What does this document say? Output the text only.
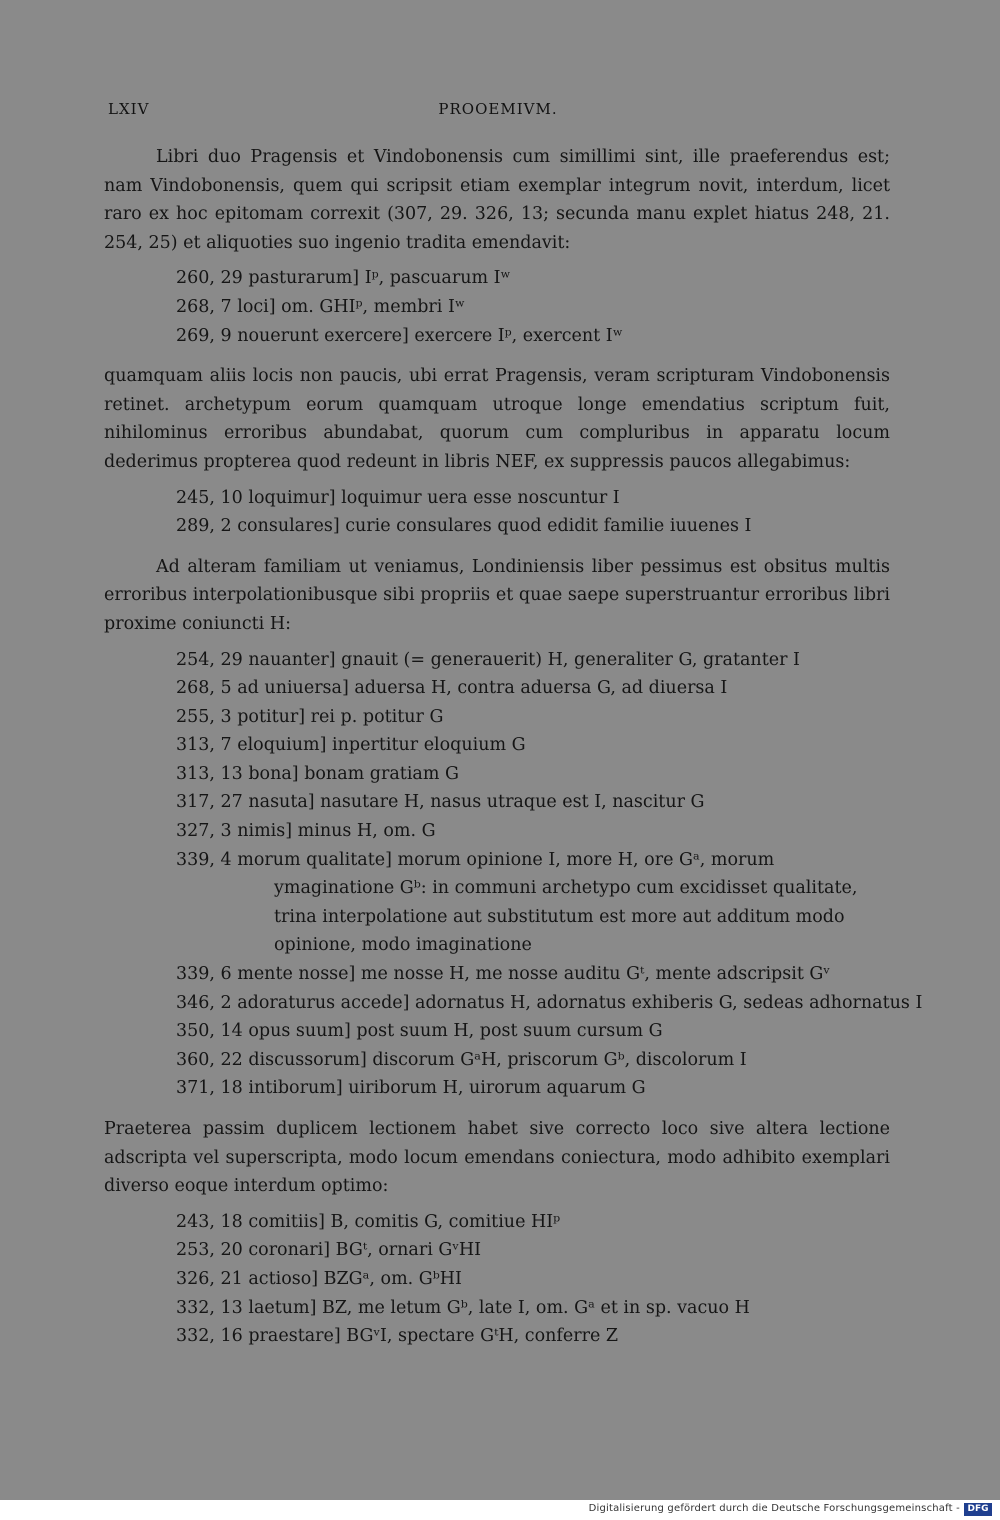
LXIV	PROOEMIVM.

Libri duo Pragensis et Vindobonensis cum simillimi sint, ille praeferendus est; nam Vindobonensis, quem qui scripsit etiam exemplar integrum novit, interdum, licet raro ex hoc epitomam correxit (307, 29. 326, 13; secunda manu explet hiatus 248, 21. 254, 25) et aliquoties suo ingenio tradita emendavit:

260, 29 pasturarum] Iᵖ, pascuarum Iʷ
268, 7 loci] om. GHIᵖ, membri Iʷ
269, 9 nouerunt exercere] exercere Iᵖ, exercent Iʷ

quamquam aliis locis non paucis, ubi errat Pragensis, veram scripturam Vindobonensis retinet. archetypum eorum quamquam utroque longe emendatius scriptum fuit, nihilominus erroribus abundabat, quorum cum compluribus in apparatu locum dederimus propterea quod redeunt in libris NEF, ex suppressis paucos allegabimus:

245, 10 loquimur] loquimur uera esse noscuntur I
289, 2 consulares] curie consulares quod edidit familie iuuenes I

Ad alteram familiam ut veniamus, Londiniensis liber pessimus est obsitus multis erroribus interpolationibusque sibi propriis et quae saepe superstruantur erroribus libri proxime coniuncti H:

254, 29 nauanter] gnauit (= generauerit) H, generaliter G, gratanter I
268, 5 ad uniuersa] aduersa H, contra aduersa G, ad diuersa I
255, 3 potitur] rei p. potitur G
313, 7 eloquium] inpertitur eloquium G
313, 13 bona] bonam gratiam G
317, 27 nasuta] nasutare H, nasus utraque est I, nascitur G
327, 3 nimis] minus H, om. G
339, 4 morum qualitate] morum opinione I, more H, ore Gᵃ, morum ymaginatione Gᵇ: in communi archetypo cum excidisset qualitate, trina interpolatione aut substitutum est more aut additum modo opinione, modo imaginatione
339, 6 mente nosse] me nosse H, me nosse auditu Gᵗ, mente adscripsit Gᵛ
346, 2 adoraturus accede] adornatus H, adornatus exhiberis G, sedeas adhornatus I
350, 14 opus suum] post suum H, post suum cursum G
360, 22 discussorum] discorum GᵃH, priscorum Gᵇ, discolorum I
371, 18 intiborum] uiriborum H, uirorum aquarum G

Praeterea passim duplicem lectionem habet sive correcto loco sive altera lectione adscripta vel superscripta, modo locum emendans coniectura, modo adhibito exemplari diverso eoque interdum optimo:

243, 18 comitiis] B, comitis G, comitiue HIᵖ
253, 20 coronari] BGᵗ, ornari GᵛHI
326, 21 actioso] BZGᵃ, om. GᵇHI
332, 13 laetum] BZ, me letum Gᵇ, late I, om. Gᵃ et in sp. vacuo H
332, 16 praestare] BGᵛI, spectare GᵗH, conferre Z
Digitalisierung gefördert durch die Deutsche Forschungsgemeinschaft - DFG
